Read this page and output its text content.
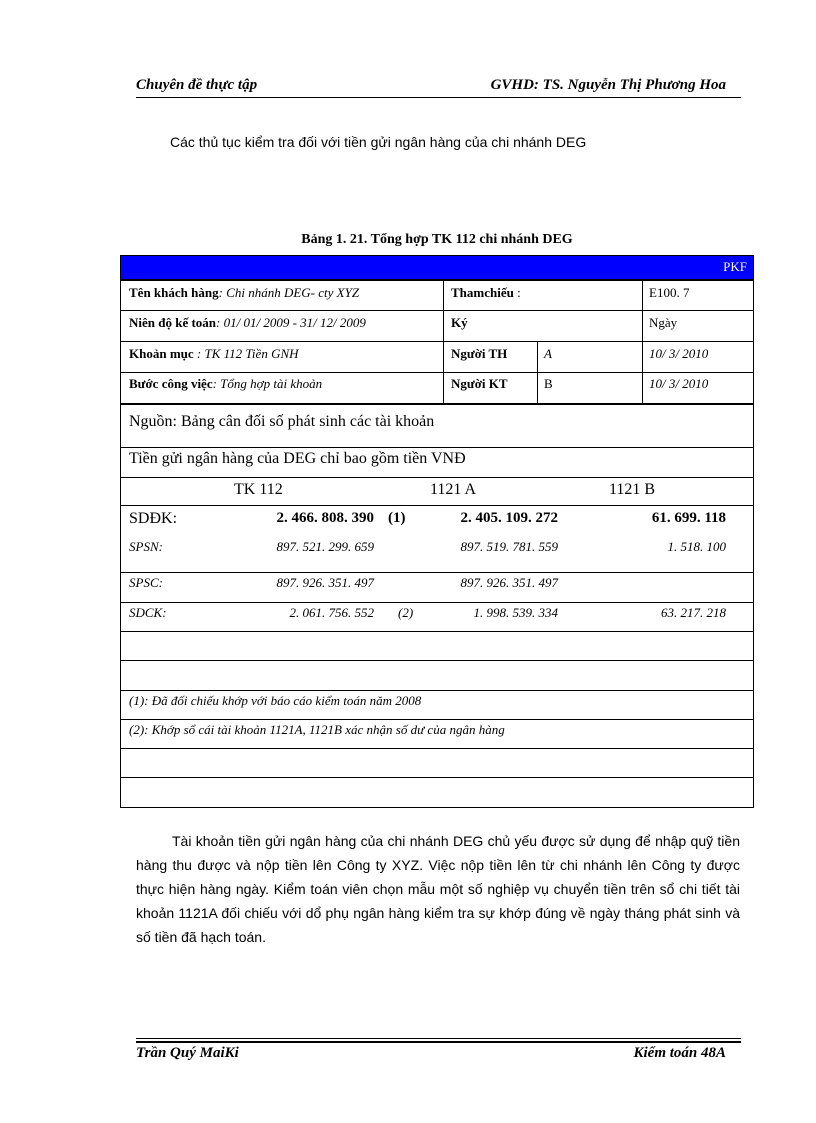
Chuyên đề thực tập	GVHD: TS. Nguyễn Thị Phương Hoa
Các thủ tục kiểm tra đối với tiền gửi ngân hàng của chi nhánh DEG
Bảng 1. 21. Tổng hợp TK 112 chi nhánh DEG
PKF
Tên khách hàng: Chi nhánh DEG- cty XYZ	Thamchiếu :	E100. 7
Niên độ kế toán: 01/ 01/ 2009 - 31/ 12/ 2009	Ký	Ngày
Khoản mục : TK 112 Tiền GNH	Người TH	A	10/ 3/ 2010
Bước công việc: Tổng hợp tài khoản	Người KT	B	10/ 3/ 2010
Nguồn: Bảng cân đối số phát sinh các tài khoản
Tiền gửi ngân hàng của DEG chỉ bao gồm tiền VNĐ
TK 112	1121 A	1121 B
SDĐK:	2. 466. 808. 390 (1)	2. 405. 109. 272	61. 699. 118
SPSN:	897. 521. 299. 659	897. 519. 781. 559	1. 518. 100
SPSC:	897. 926. 351. 497	897. 926. 351. 497
SDCK:	2. 061. 756. 552 (2)	1. 998. 539. 334	63. 217. 218
(1): Đã đối chiếu khớp với báo cáo kiểm toán năm 2008
(2): Khớp sổ cái tài khoản 1121A, 1121B xác nhận số dư của ngân hàng
Tài khoản tiền gửi ngân hàng của chi nhánh DEG chủ yếu được sử dụng để nhập quỹ tiền hàng thu được và nộp tiền lên Công ty XYZ. Việc nộp tiền lên từ chi nhánh lên Công ty được thực hiện hàng ngày. Kiểm toán viên chọn mẫu một số nghiệp vụ chuyển tiền trên sổ chi tiết tài khoản 1121A đối chiếu với dổ phụ ngân hàng kiểm tra sự khớp đúng về ngày tháng phát sinh và số tiền đã hạch toán.
Trần Quý MaiKi	Kiểm toán 48A
